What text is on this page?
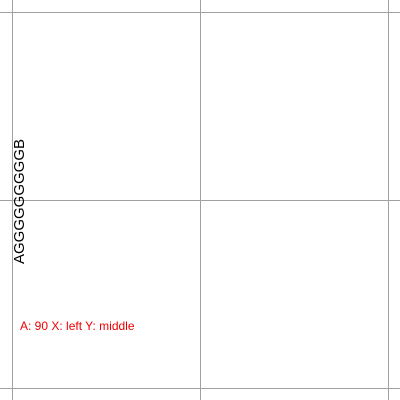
AGGGGGGGGGB
A: 90 X: left Y: middle
